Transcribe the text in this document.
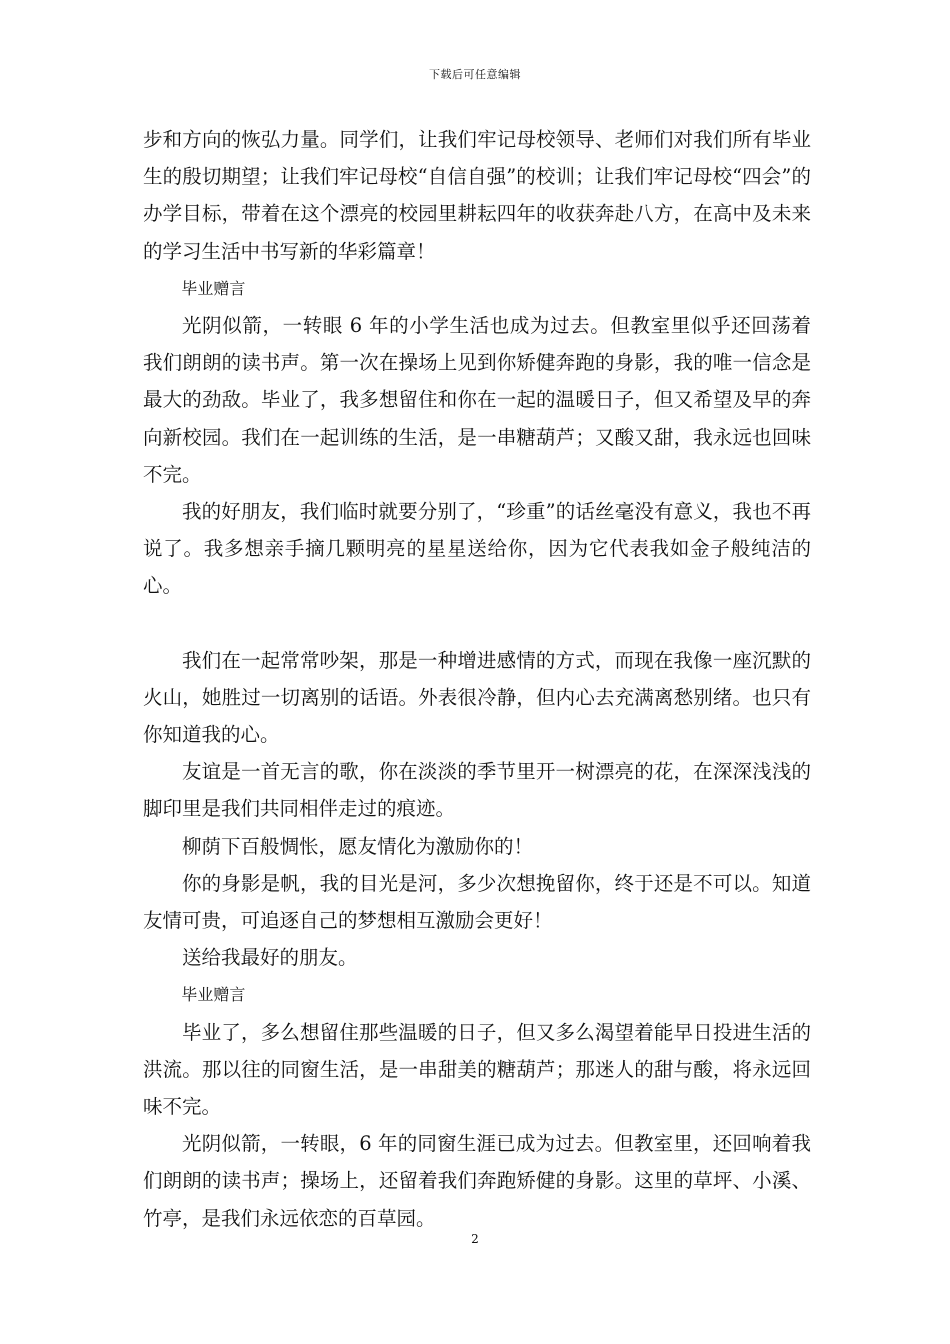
下载后可任意编辑

步和方向的恢弘力量。同学们，让我们牢记母校领导、老师们对我们所有毕业生的殷切期望；让我们牢记母校“自信自强”的校训；让我们牢记母校“四会”的办学目标，带着在这个漂亮的校园里耕耘四年的收获奔赴八方，在高中及未来的学习生活中书写新的华彩篇章！

毕业赠言

光阴似箭，一转眼 6 年的小学生活也成为过去。但教室里似乎还回荡着我们朗朗的读书声。第一次在操场上见到你矫健奔跑的身影，我的唯一信念是最大的劲敌。毕业了，我多想留住和你在一起的温暖日子，但又希望及早的奔向新校园。我们在一起训练的生活，是一串糖葫芦；又酸又甜，我永远也回味不完。

我的好朋友，我们临时就要分别了，“珍重”的话丝毫没有意义，我也不再说了。我多想亲手摘几颗明亮的星星送给你，因为它代表我如金子般纯洁的心。

我们在一起常常吵架，那是一种增进感情的方式，而现在我像一座沉默的火山，她胜过一切离别的话语。外表很冷静，但内心去充满离愁别绪。也只有你知道我的心。

友谊是一首无言的歌，你在淡淡的季节里开一树漂亮的花，在深深浅浅的脚印里是我们共同相伴走过的痕迹。

柳荫下百般惆怅，愿友情化为激励你的！

你的身影是帆，我的目光是河，多少次想挽留你，终于还是不可以。知道友情可贵，可追逐自己的梦想相互激励会更好！

送给我最好的朋友。

毕业赠言

毕业了，多么想留住那些温暖的日子，但又多么渴望着能早日投进生活的洪流。那以往的同窗生活，是一串甜美的糖葫芦；那迷人的甜与酸，将永远回味不完。

光阴似箭，一转眼，6 年的同窗生涯已成为过去。但教室里，还回响着我们朗朗的读书声；操场上，还留着我们奔跑矫健的身影。这里的草坪、小溪、竹亭，是我们永远依恋的百草园。

2
